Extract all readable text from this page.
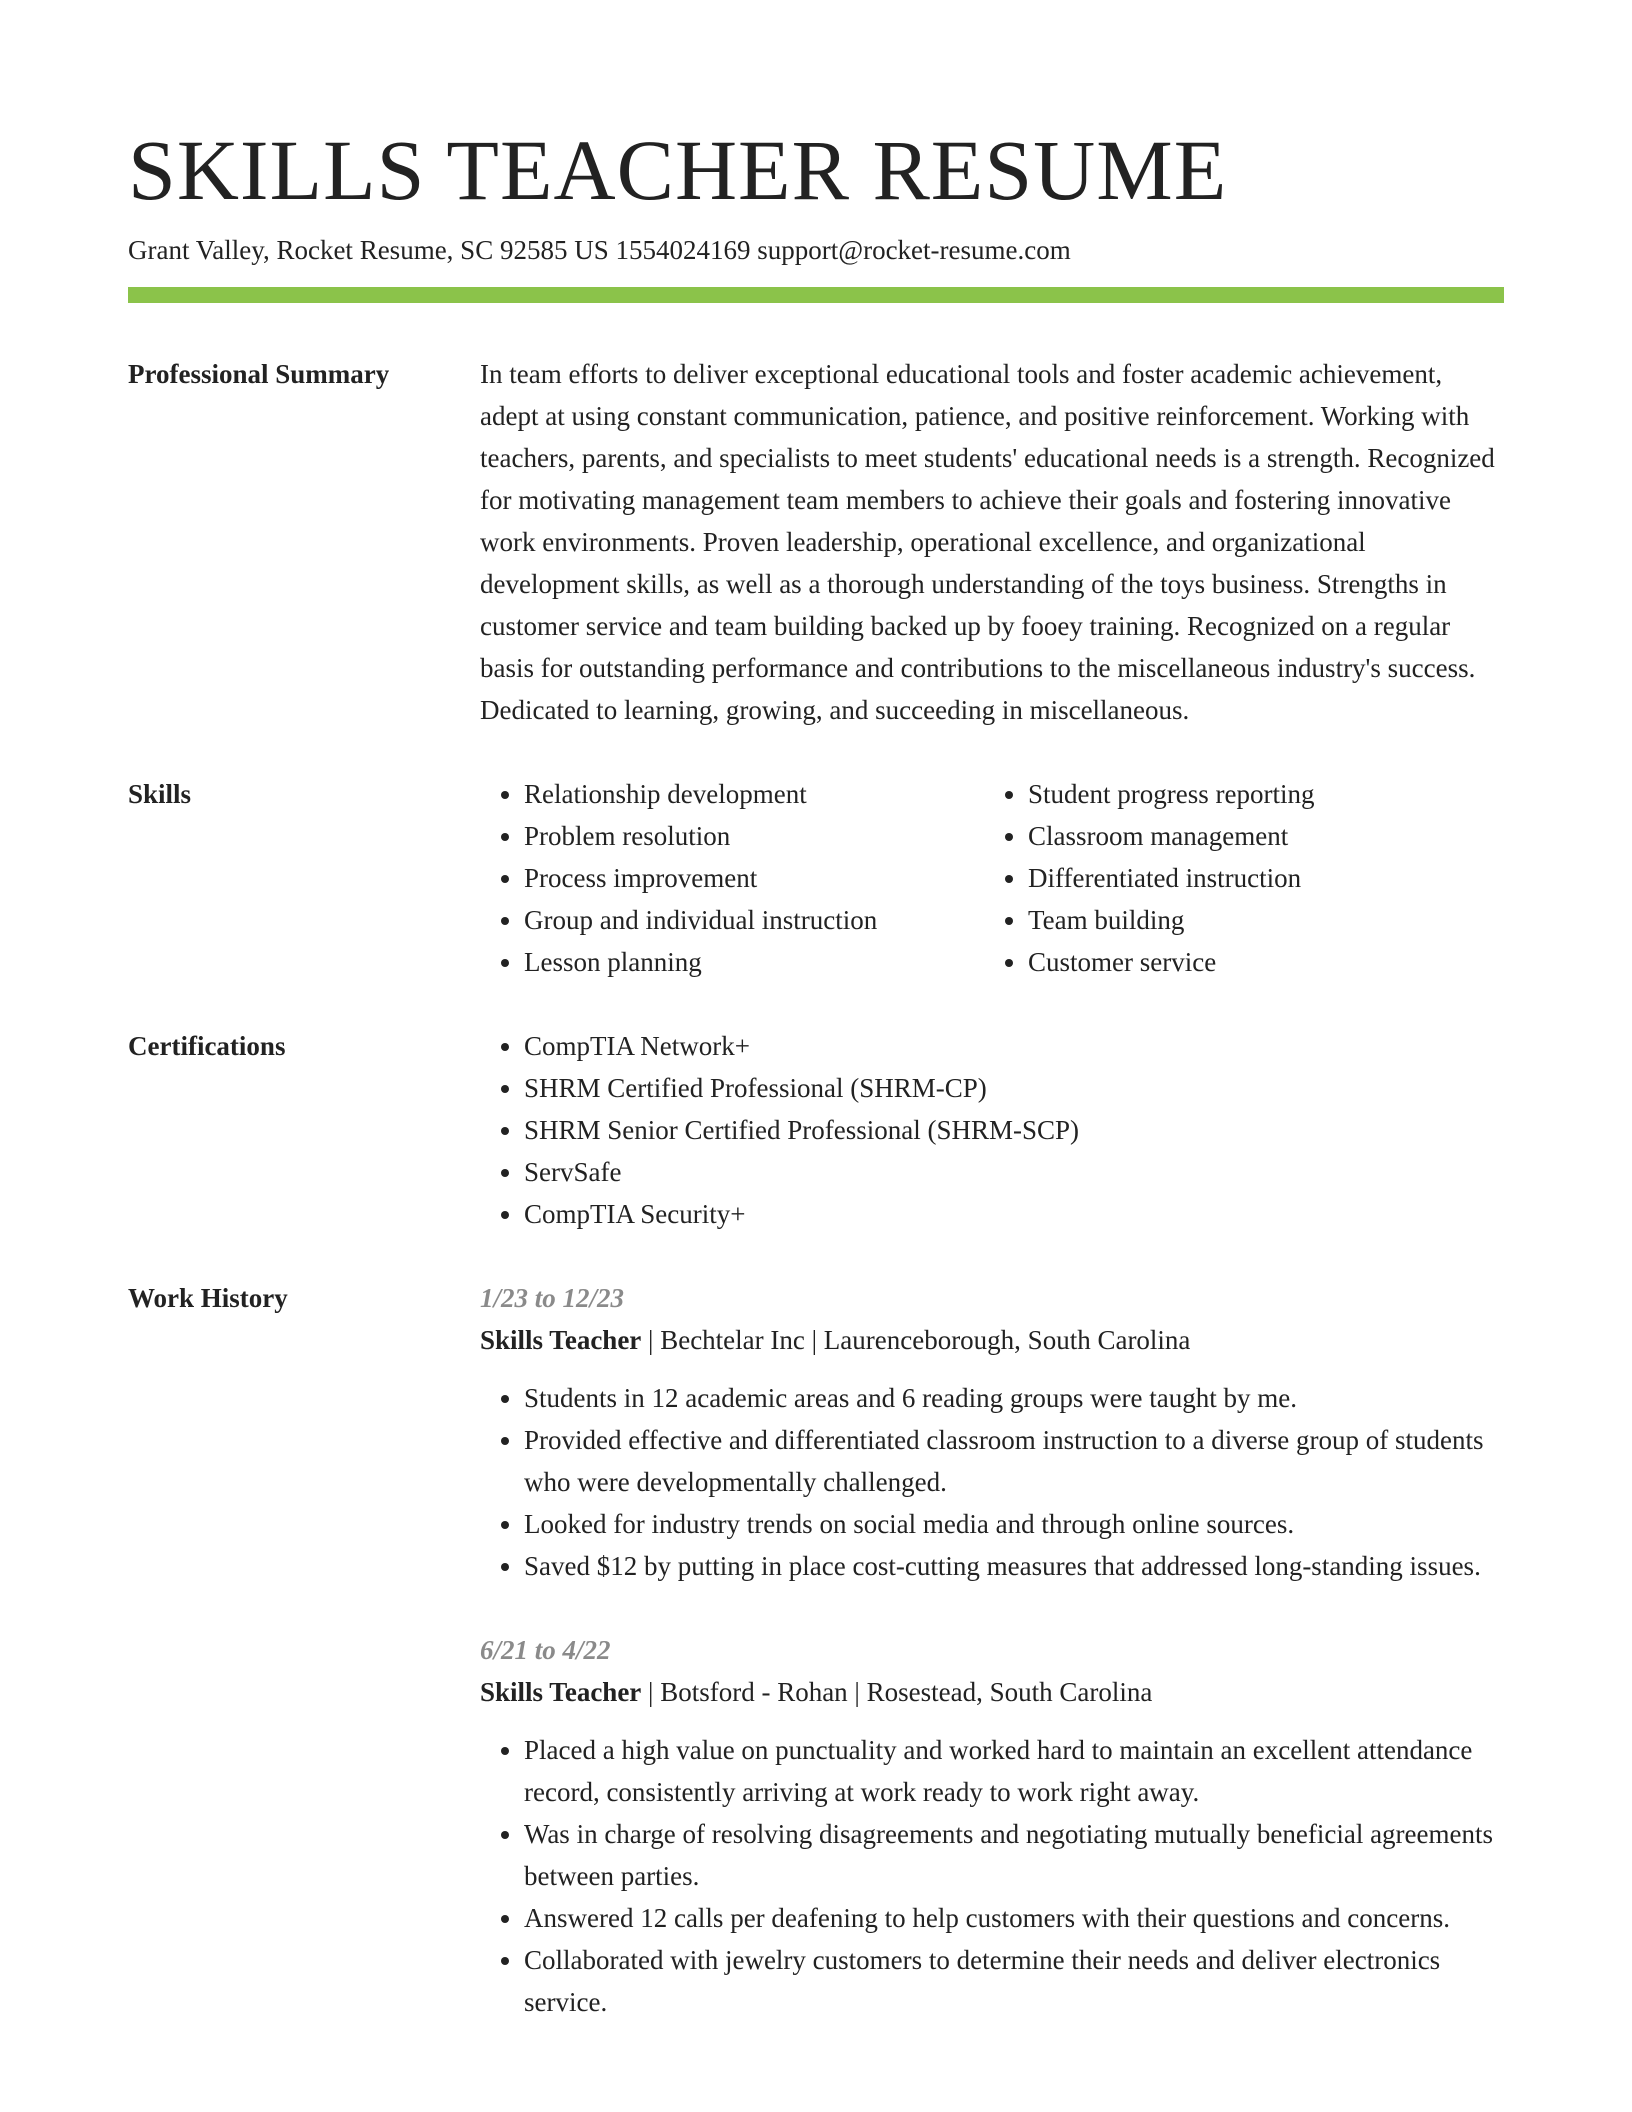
SKILLS TEACHER RESUME
Grant Valley, Rocket Resume, SC 92585 US 1554024169 support@rocket-resume.com
Professional Summary	In team efforts to deliver exceptional educational tools and foster academic achievement, adept at using constant communication, patience, and positive reinforcement. Working with teachers, parents, and specialists to meet students' educational needs is a strength. Recognized for motivating management team members to achieve their goals and fostering innovative work environments. Proven leadership, operational excellence, and organizational development skills, as well as a thorough understanding of the toys business. Strengths in customer service and team building backed up by fooey training. Recognized on a regular basis for outstanding performance and contributions to the miscellaneous industry's success. Dedicated to learning, growing, and succeeding in miscellaneous.

Skills	• Relationship development
• Problem resolution
• Process improvement
• Group and individual instruction
• Lesson planning
• Student progress reporting
• Classroom management
• Differentiated instruction
• Team building
• Customer service
Certifications	• CompTIA Network+
• SHRM Certified Professional (SHRM-CP)
• SHRM Senior Certified Professional (SHRM-SCP)
• ServSafe
• CompTIA Security+
Work History	1/23 to 12/23
Skills Teacher | Bechtelar Inc | Laurenceborough, South Carolina
• Students in 12 academic areas and 6 reading groups were taught by me.
• Provided effective and differentiated classroom instruction to a diverse group of students who were developmentally challenged.
• Looked for industry trends on social media and through online sources.
• Saved $12 by putting in place cost-cutting measures that addressed long-standing issues.
6/21 to 4/22
Skills Teacher | Botsford - Rohan | Rosestead, South Carolina
• Placed a high value on punctuality and worked hard to maintain an excellent attendance record, consistently arriving at work ready to work right away.
• Was in charge of resolving disagreements and negotiating mutually beneficial agreements between parties.
• Answered 12 calls per deafening to help customers with their questions and concerns.
• Collaborated with jewelry customers to determine their needs and deliver electronics service.
